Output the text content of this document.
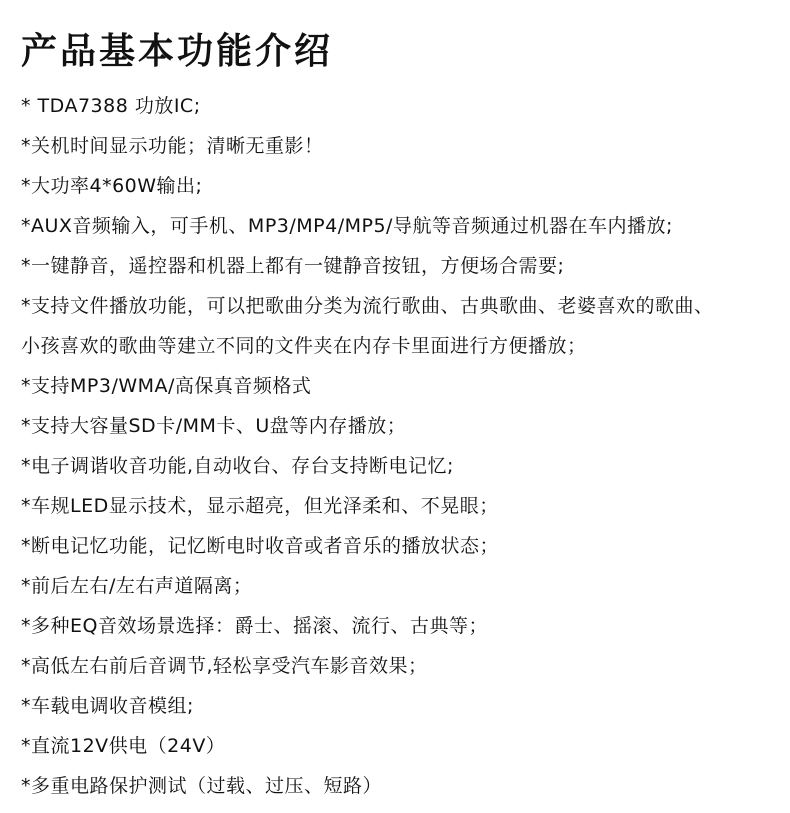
产品基本功能介绍
* TDA7388 功放IC;
*关机时间显示功能；清晰无重影！
*大功率4*60W输出;
*AUX音频输入，可手机、MP3/MP4/MP5/导航等音频通过机器在车内播放;
*一键静音，遥控器和机器上都有一键静音按钮，方便场合需要;
*支持文件播放功能，可以把歌曲分类为流行歌曲、古典歌曲、老婆喜欢的歌曲、
小孩喜欢的歌曲等建立不同的文件夹在内存卡里面进行方便播放；
*支持MP3/WMA/高保真音频格式
*支持大容量SD卡/MM卡、U盘等内存播放；
*电子调谐收音功能,自动收台、存台支持断电记忆;
*车规LED显示技术，显示超亮，但光泽柔和、不晃眼；
*断电记忆功能，记忆断电时收音或者音乐的播放状态；
*前后左右/左右声道隔离；
*多种EQ音效场景选择：爵士、摇滚、流行、古典等；
*高低左右前后音调节,轻松享受汽车影音效果；
*车载电调收音模组;
*直流12V供电（24V）
*多重电路保护测试（过载、过压、短路）
